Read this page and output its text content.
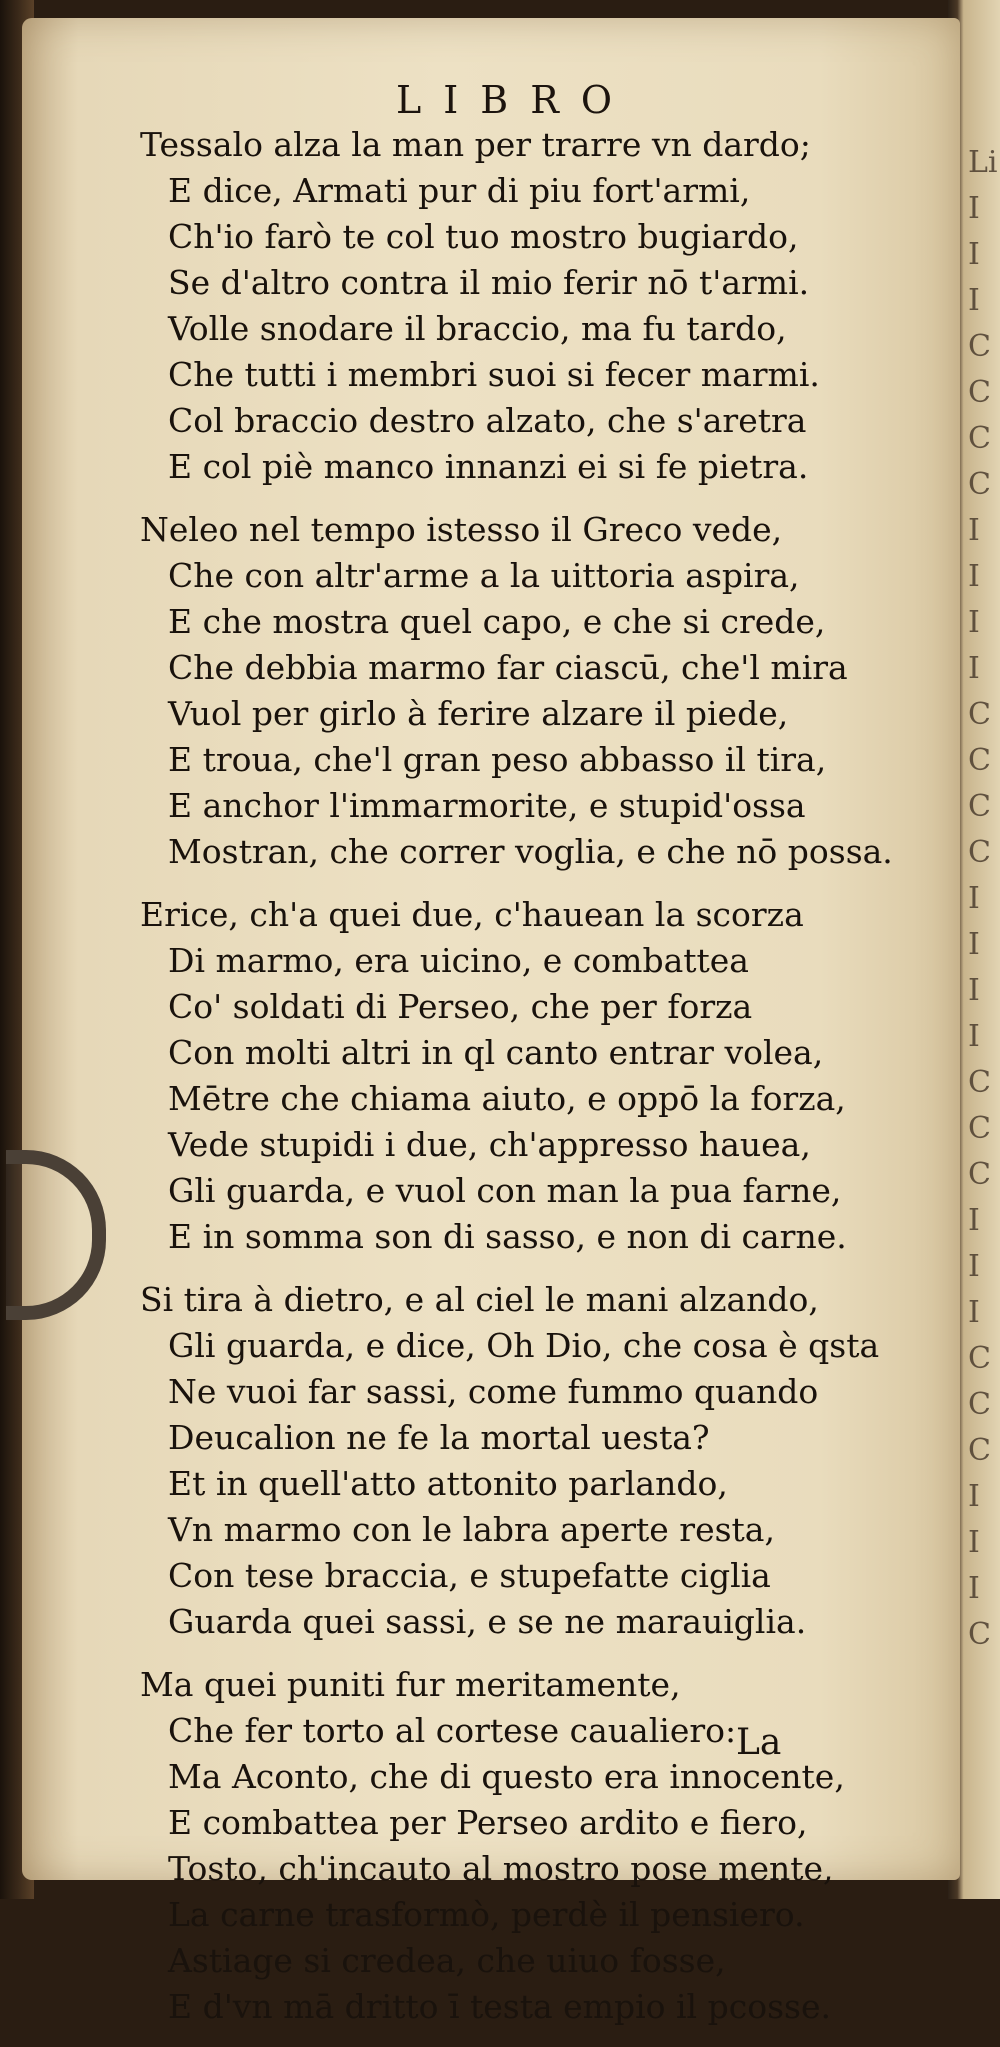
Li
I
I
I
C
C
C
C
I
I
I
I
C
C
C
C
I
I
I
I
C
C
C
I
I
I
C
C
C
I
I
I
C
LIBRO
Tessalo alza la man per trarre vn dardo;
E dice, Armati pur di piu fort'armi,
Ch'io farò te col tuo mostro bugiardo,
Se d'altro contra il mio ferir nō t'armi.
Volle snodare il braccio, ma fu tardo,
Che tutti i membri suoi si fecer marmi.
Col braccio destro alzato, che s'aretra
E col piè manco innanzi ei si fe pietra.
Neleo nel tempo istesso il Greco vede,
Che con altr'arme a la uittoria aspira,
E che mostra quel capo, e che si crede,
Che debbia marmo far ciascū, che'l mira
Vuol per girlo à ferire alzare il piede,
E troua, che'l gran peso abbasso il tira,
E anchor l'immarmorite, e stupid'ossa
Mostran, che correr voglia, e che nō possa.
Erice, ch'a quei due, c'hauean la scorza
Di marmo, era uicino, e combattea
Co' soldati di Perseo, che per forza
Con molti altri in ql canto entrar volea,
Mētre che chiama aiuto, e oppō la forza,
Vede stupidi i due, ch'appresso hauea,
Gli guarda, e vuol con man la pua farne,
E in somma son di sasso, e non di carne.
Si tira à dietro, e al ciel le mani alzando,
Gli guarda, e dice, Oh Dio, che cosa è qsta
Ne vuoi far sassi, come fummo quando
Deucalion ne fe la mortal uesta?
Et in quell'atto attonito parlando,
Vn marmo con le labra aperte resta,
Con tese braccia, e stupefatte ciglia
Guarda quei sassi, e se ne marauiglia.
Ma quei puniti fur meritamente,
Che fer torto al cortese caualiero:
Ma Aconto, che di questo era innocente,
E combattea per Perseo ardito e fiero,
Tosto, ch'incauto al mostro pose mente,
La carne trasformò, perdè il pensiero.
Astiage si credea, che uiuo fosse,
E d'vn mā dritto ī testa empio il pcosse.
La
